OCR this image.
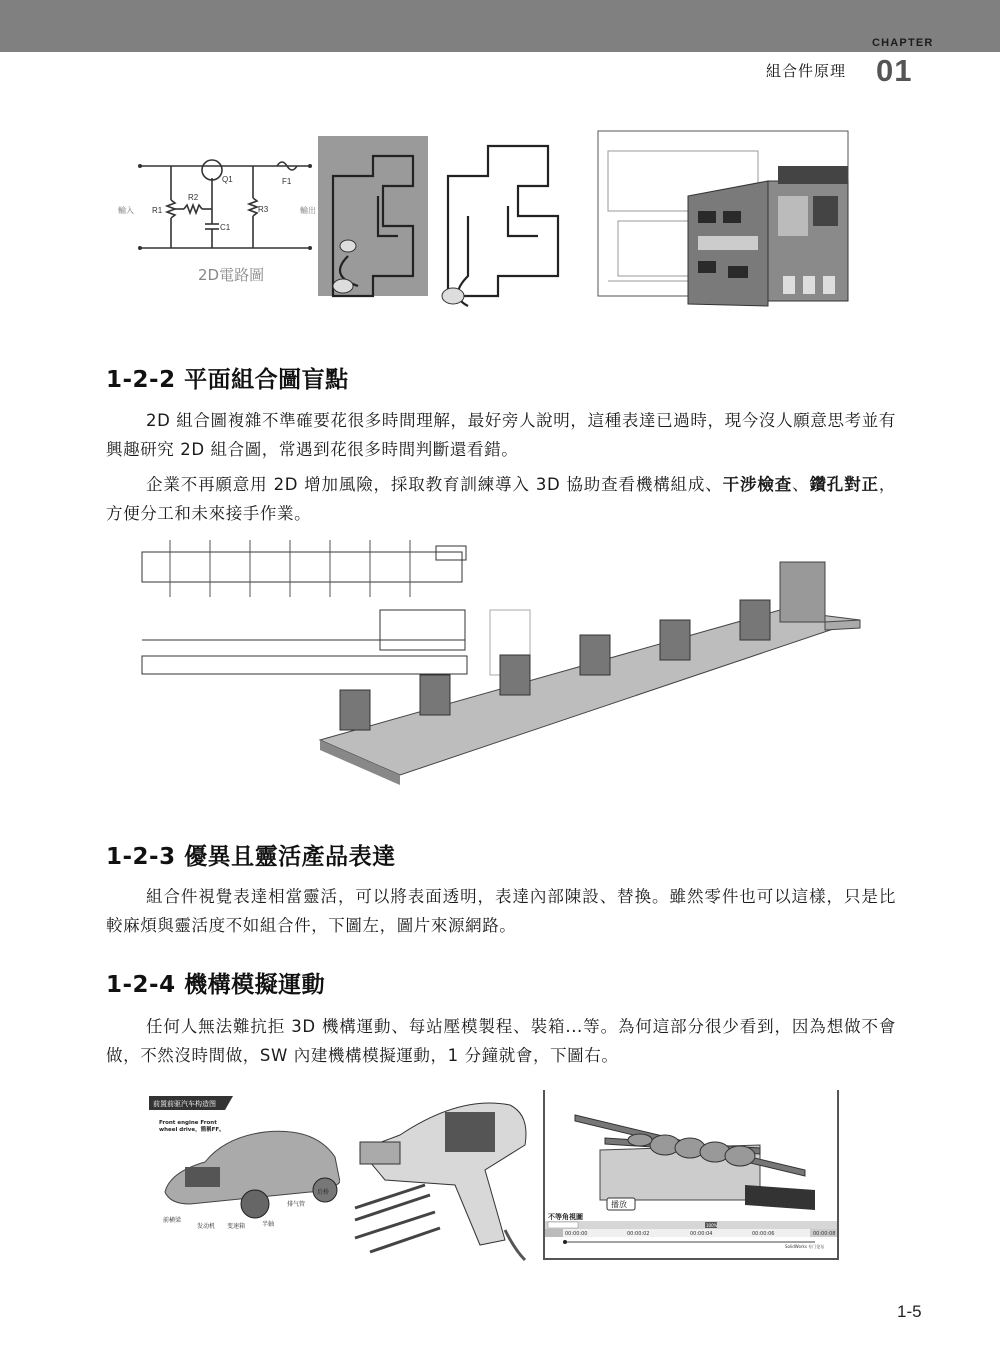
CHAPTER
組合件原理 01
Q1	F1
R1
R2
R3
C1
輸入	輸出
2D電路圖
1-2-2 平面組合圖盲點

2D 組合圖複雜不準確要花很多時間理解，最好旁人說明，這種表達已過時，現今沒人願意思考並有興趣研究 2D 組合圖，常遇到花很多時間判斷還看錯。

企業不再願意用 2D 增加風險，採取教育訓練導入 3D 協助查看機構組成、干涉檢查、鑽孔對正，方便分工和未來接手作業。

1-2-3 優異且靈活產品表達

組合件視覺表達相當靈活，可以將表面透明，表達內部陳設、替換。雖然零件也可以這樣，只是比較麻煩與靈活度不如組合件，下圖左，圖片來源網路。

1-2-4 機構模擬運動

任何人無法難抗拒 3D 機構運動、每站壓模製程、裝箱...等。為何這部分很少看到，因為想做不會做，不然沒時間做，SW 內建機構模擬運動，1 分鐘就會，下圖右。

前置前驱汽车构造图
Front engine Front
wheel drive，簡稱FF。
前横梁
发动机 变速箱	半轴
排气管
后桥
播放
不等角視圖
100%
00:00:00	00:00:02	00:00:04	00:00:06	00:00:08
SolidWorks 专门论坛
1-5
